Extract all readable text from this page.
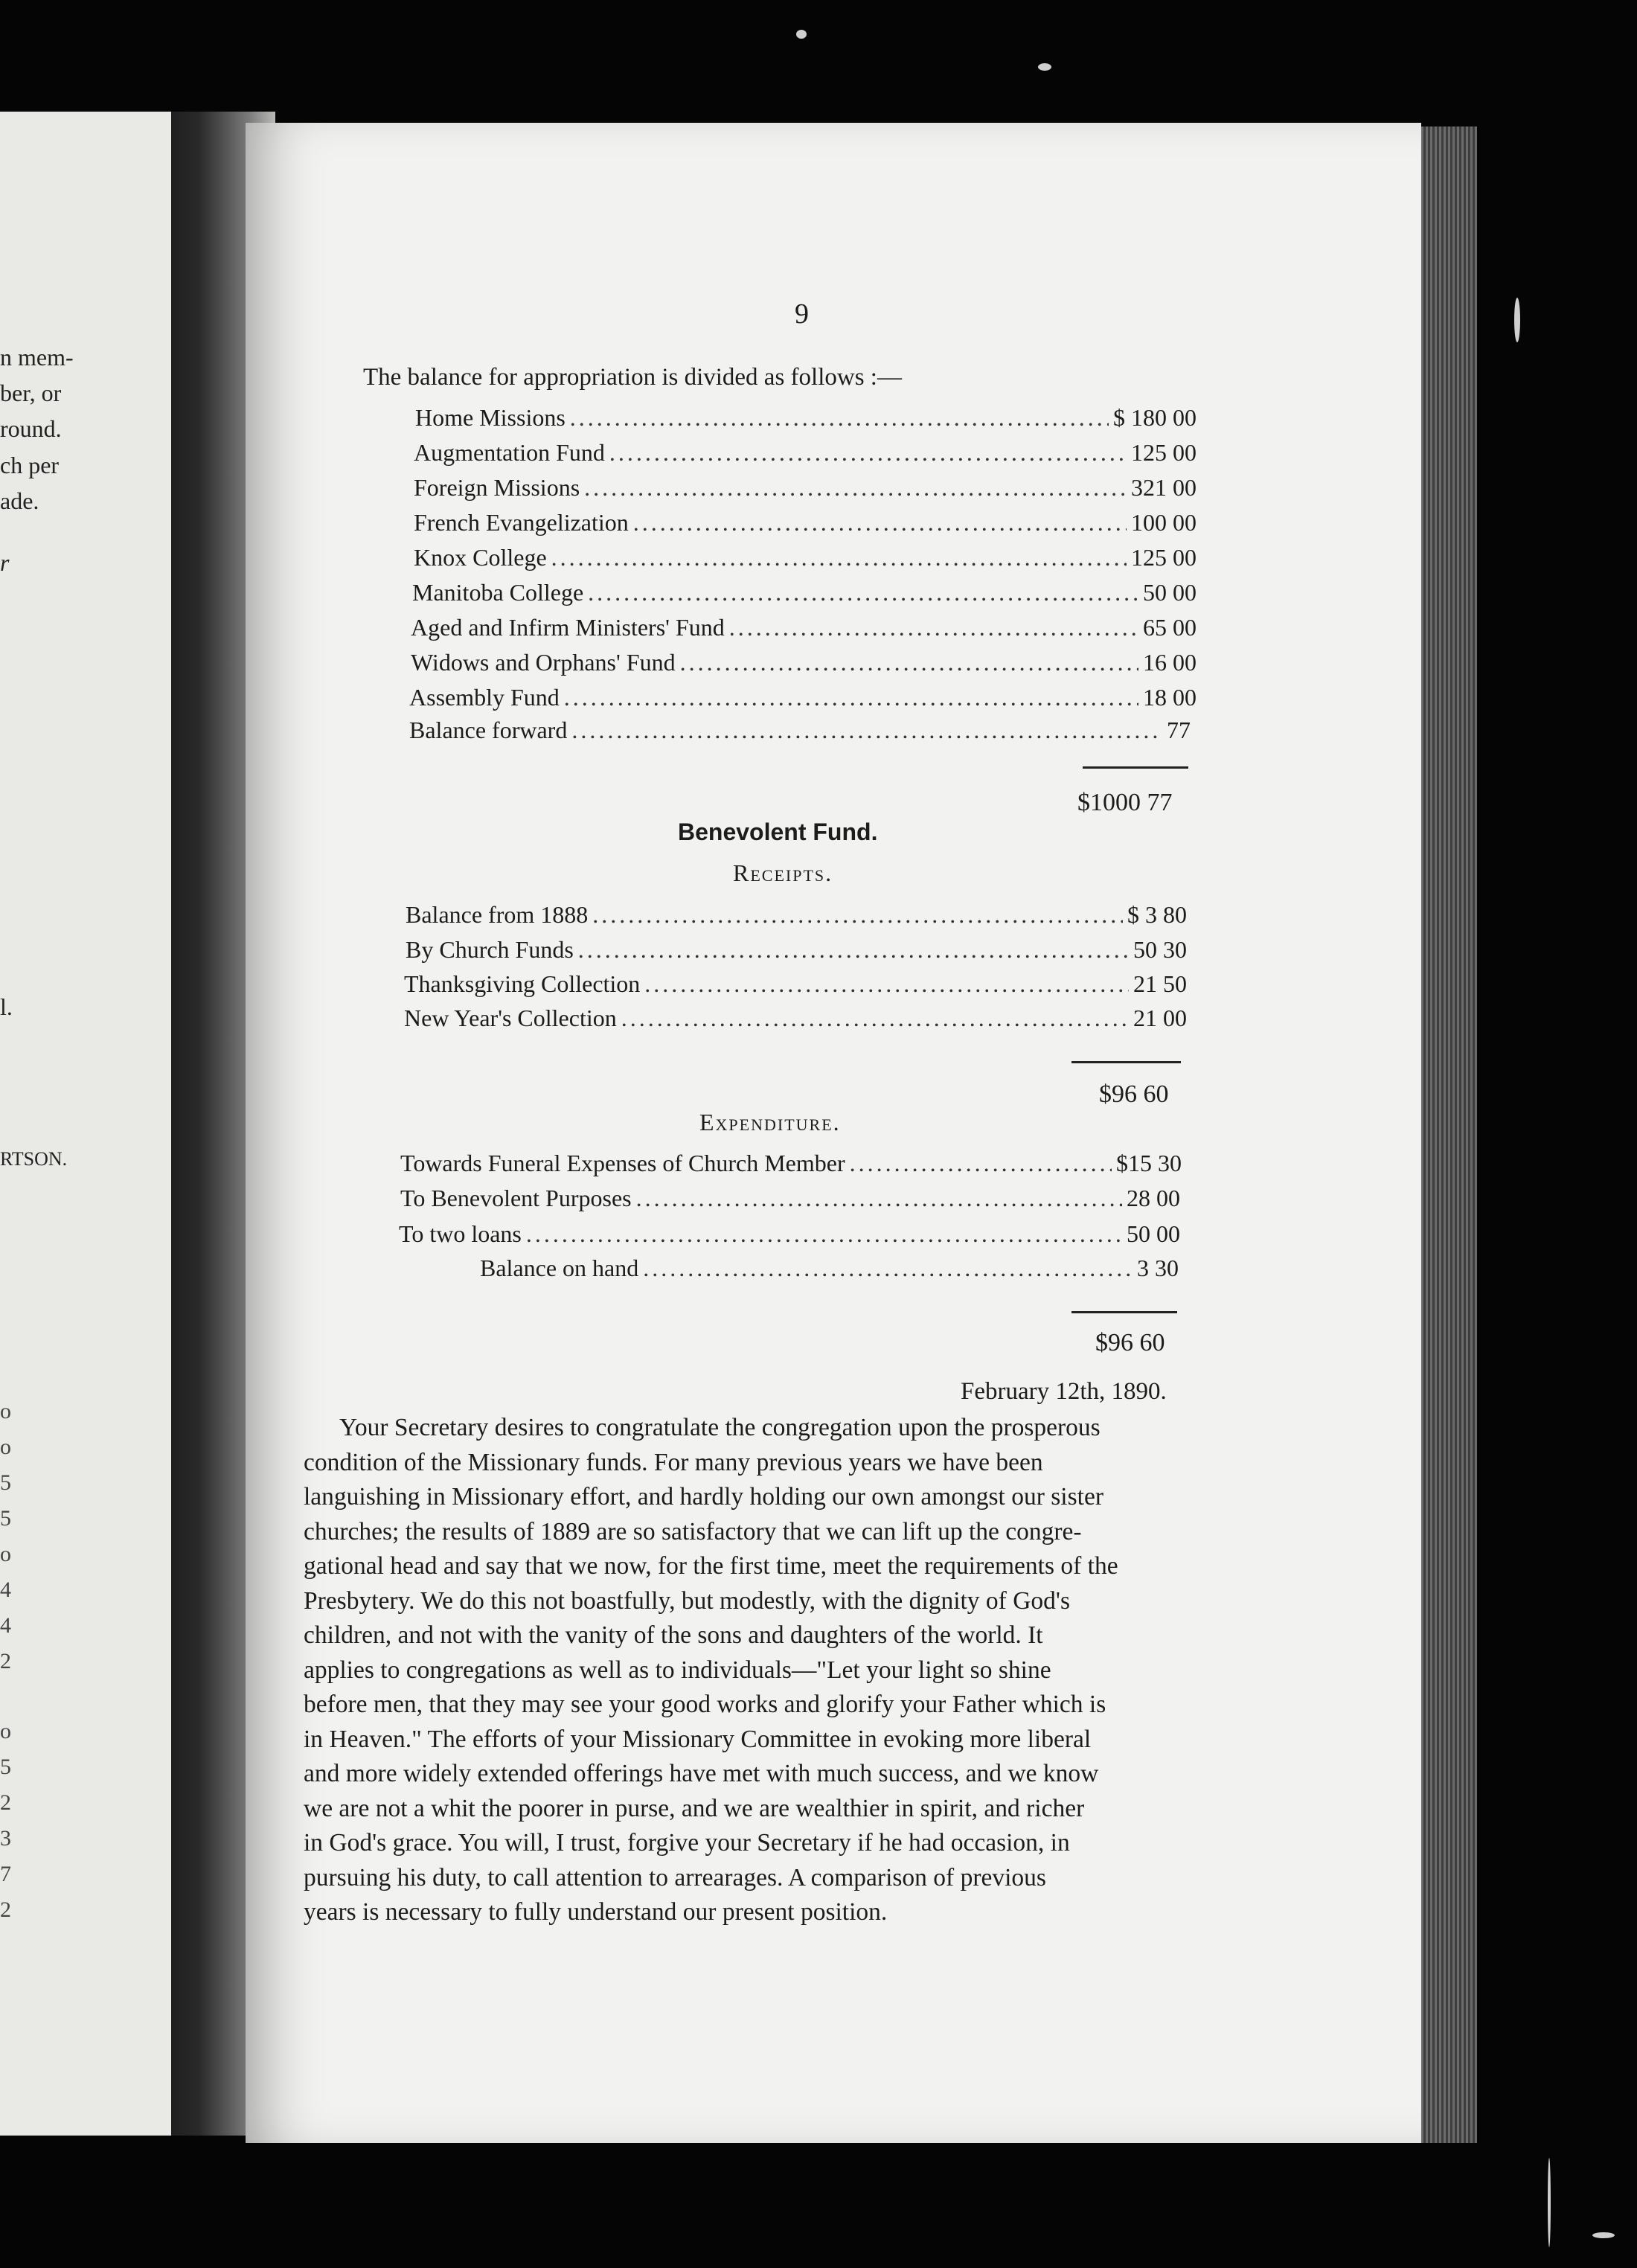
n mem-
ber, or
round.
ch per
ade.
r
l.
RTSON.
o
o
5
5
o
4
4
2
o
5
2
3
7
2
9
The balance for appropriation is divided as follows :—
Home Missions .....	$ 180 00
Augmentation Fund .....	125 00
Foreign Missions .....	321 00
French Evangelization .....	100 00
Knox College .....	125 00
Manitoba College .....	50 00
Aged and Infirm Ministers' Fund .....	65 00
Widows and Orphans' Fund .....	16 00
Assembly Fund .....	18 00
Balance forward .....	77
$1000 77
Benevolent Fund.
Receipts.
Balance from 1888 .....	$ 3 80
By Church Funds .....	50 30
Thanksgiving Collection .....	21 50
New Year's Collection .....	21 00
$96 60
Expenditure.
Towards Funeral Expenses of Church Member .....	$15 30
To Benevolent Purposes .....	28 00
To two loans .....	50 00
Balance on hand .....	3 30
$96 60
February 12th, 1890.
Your Secretary desires to congratulate the congregation upon the prosperous
condition of the Missionary funds. For many previous years we have been
languishing in Missionary effort, and hardly holding our own amongst our sister
churches; the results of 1889 are so satisfactory that we can lift up the congre-
gational head and say that we now, for the first time, meet the requirements of the
Presbytery. We do this not boastfully, but modestly, with the dignity of God's
children, and not with the vanity of the sons and daughters of the world. It
applies to congregations as well as to individuals—"Let your light so shine
before men, that they may see your good works and glorify your Father which is
in Heaven." The efforts of your Missionary Committee in evoking more liberal
and more widely extended offerings have met with much success, and we know
we are not a whit the poorer in purse, and we are wealthier in spirit, and richer
in God's grace. You will, I trust, forgive your Secretary if he had occasion, in
pursuing his duty, to call attention to arrearages. A comparison of previous
years is necessary to fully understand our present position.
